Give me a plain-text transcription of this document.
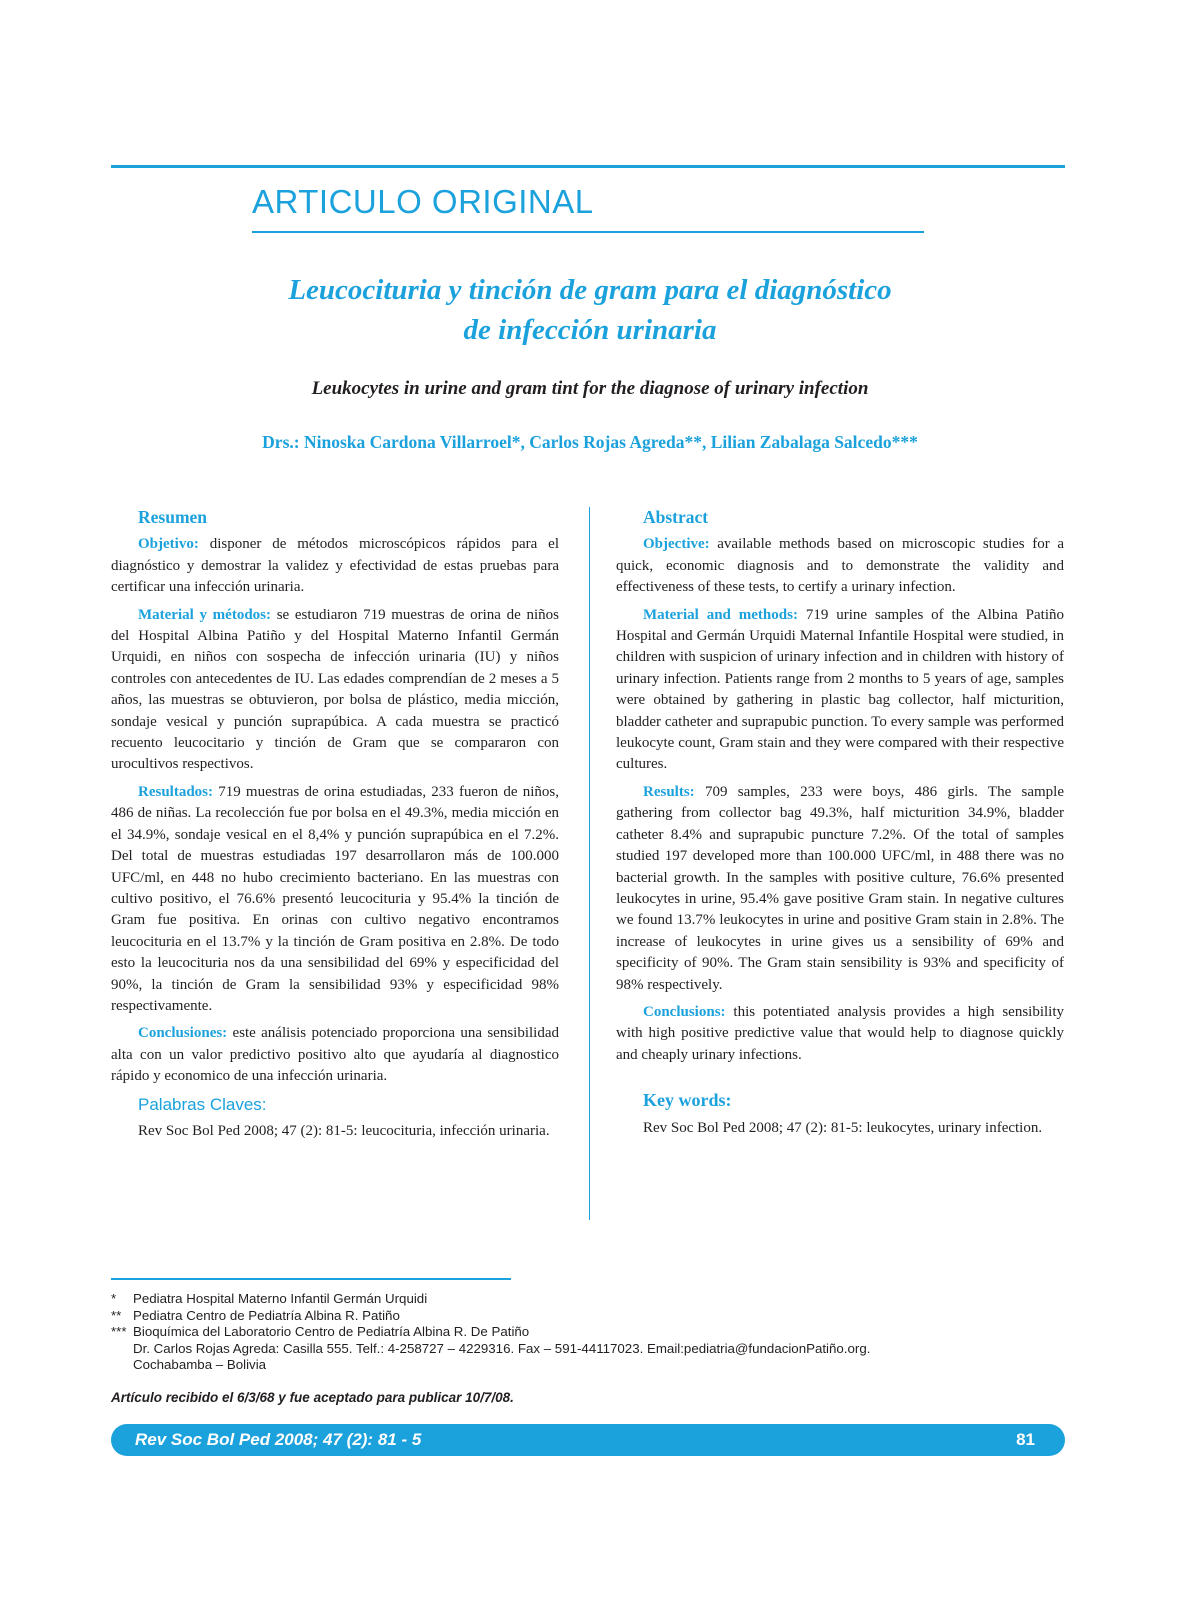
ARTICULO ORIGINAL
Leucocituria y tinción de gram para el diagnóstico
de infección urinaria

Leukocytes in urine and gram tint for the diagnose of urinary infection

Drs.: Ninoska Cardona Villarroel*, Carlos Rojas Agreda**, Lilian Zabalaga Salcedo***

Resumen

Objetivo: disponer de métodos microscópicos rápidos para el diagnóstico y demostrar la validez y efectividad de estas pruebas para certificar una infección urinaria.

Material y métodos: se estudiaron 719 muestras de orina de niños del Hospital Albina Patiño y del Hospital Materno Infantil Germán Urquidi, en niños con sospecha de infección urinaria (IU) y niños controles con antecedentes de IU. Las edades comprendían de 2 meses a 5 años, las muestras se obtuvieron, por bolsa de plástico, media micción, sondaje vesical y punción suprapúbica. A cada muestra se practicó recuento leucocitario y tinción de Gram que se compararon con urocultivos respectivos.

Resultados: 719 muestras de orina estudiadas, 233 fueron de niños, 486 de niñas. La recolección fue por bolsa en el 49.3%, media micción en el 34.9%, sondaje vesical en el 8,4% y punción suprapúbica en el 7.2%. Del total de muestras estudiadas 197 desarrollaron más de 100.000 UFC/ml, en 448 no hubo crecimiento bacteriano. En las muestras con cultivo positivo, el 76.6% presentó leucocituria y 95.4% la tinción de Gram fue positiva. En orinas con cultivo negativo encontramos leucocituria en el 13.7% y la tinción de Gram positiva en 2.8%. De todo esto la leucocituria nos da una sensibilidad del 69% y especificidad del 90%, la tinción de Gram la sensibilidad 93% y especificidad 98% respectivamente.

Conclusiones: este análisis potenciado proporciona una sensibilidad alta con un valor predictivo positivo alto que ayudaría al diagnostico rápido y economico de una infección urinaria.

Palabras Claves:

Rev Soc Bol Ped 2008; 47 (2): 81-5: leucocituria, infección urinaria.

Abstract

Objective: available methods based on microscopic studies for a quick, economic diagnosis and to demonstrate the validity and effectiveness of these tests, to certify a urinary infection.

Material and methods: 719 urine samples of the Albina Patiño Hospital and Germán Urquidi Maternal Infantile Hospital were studied, in children with suspicion of urinary infection and in children with history of urinary infection. Patients range from 2 months to 5 years of age, samples were obtained by gathering in plastic bag collector, half micturition, bladder catheter and suprapubic punction. To every sample was performed leukocyte count, Gram stain and they were compared with their respective cultures.

Results: 709 samples, 233 were boys, 486 girls. The sample gathering from collector bag 49.3%, half micturition 34.9%, bladder catheter 8.4% and suprapubic puncture 7.2%. Of the total of samples studied 197 developed more than 100.000 UFC/ml, in 488 there was no bacterial growth. In the samples with positive culture, 76.6% presented leukocytes in urine, 95.4% gave positive Gram stain. In negative cultures we found 13.7% leukocytes in urine and positive Gram stain in 2.8%. The increase of leukocytes in urine gives us a sensibility of 69% and specificity of 90%. The Gram stain sensibility is 93% and specificity of 98% respectively.

Conclusions: this potentiated analysis provides a high sensibility with high positive predictive value that would help to diagnose quickly and cheaply urinary infections.

Key words:

Rev Soc Bol Ped 2008; 47 (2): 81-5: leukocytes, urinary infection.

*	Pediatra Hospital Materno Infantil Germán Urquidi
** Pediatra Centro de Pediatría Albina R. Patiño
*** Bioquímica del Laboratorio Centro de Pediatría Albina R. De Patiño
Dr. Carlos Rojas Agreda: Casilla 555. Telf.: 4-258727 – 4229316. Fax – 591-44117023. Email:pediatria@fundacionPatiño.org.
Cochabamba – Bolivia
Artículo recibido el 6/3/68 y fue aceptado para publicar 10/7/08.
Rev Soc Bol Ped 2008; 47 (2): 81 - 5	81
